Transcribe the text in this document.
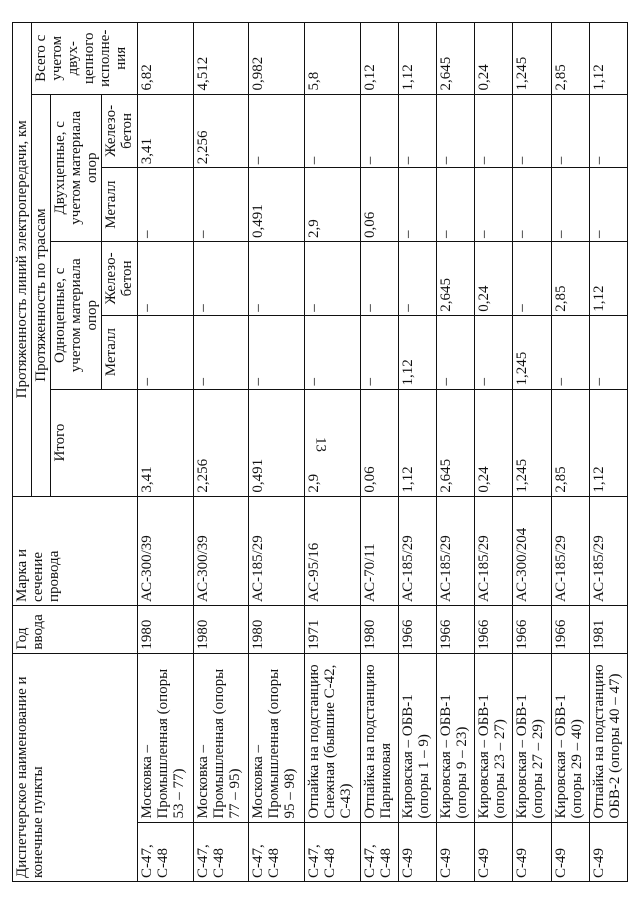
13
Диспетчерское наименование и конечные пункты		Год ввода	Марка и сечение провода	Протяженность линий электропередачи, км					
				Протяженность по трассам					Всего с учетом двух-цепного исполне-ния
				Итого	Одноцепные, с учетом материала опор		Двухцепные, с учетом материала опор		
					Металл	Железо-бетон	Металл	Железо-бетон	
С-47, С-48	Московка – Промышленная (опоры 53 – 77)	1980	АС-300/39	3,41	–	–	–	3,41	6,82
С-47, С-48	Московка – Промышленная (опоры 77 – 95)	1980	АС-300/39	2,256	–	–	–	2,256	4,512
С-47, С-48	Московка – Промышленная (опоры 95 – 98)	1980	АС-185/29	0,491	–	–	0,491	–	0,982
С-47, С-48	Отпайка на подстанцию Снежная (бывшие С-42, С-43)	1971	АС-95/16	2,9	–	–	2,9	–	5,8
С-47, С-48	Отпайка на подстанцию Парниковая	1980	АС-70/11	0,06	–	–	0,06	–	0,12
С-49	Кировская – ОБВ-1 (опоры 1 – 9)	1966	АС-185/29	1,12	1,12	–	–	–	1,12
С-49	Кировская – ОБВ-1 (опоры 9 – 23)	1966	АС-185/29	2,645	–	2,645	–	–	2,645
С-49	Кировская – ОБВ-1 (опоры 23 – 27)	1966	АС-185/29	0,24	–	0,24	–	–	0,24
С-49	Кировская – ОБВ-1 (опоры 27 – 29)	1966	АС-300/204	1,245	1,245	–	–	–	1,245
С-49	Кировская – ОБВ-1 (опоры 29 – 40)	1966	АС-185/29	2,85	–	2,85	–	–	2,85
С-49	Отпайка на подстанцию ОБВ-2 (опоры 40 – 47)	1981	АС-185/29	1,12	–	1,12	–	–	1,12
